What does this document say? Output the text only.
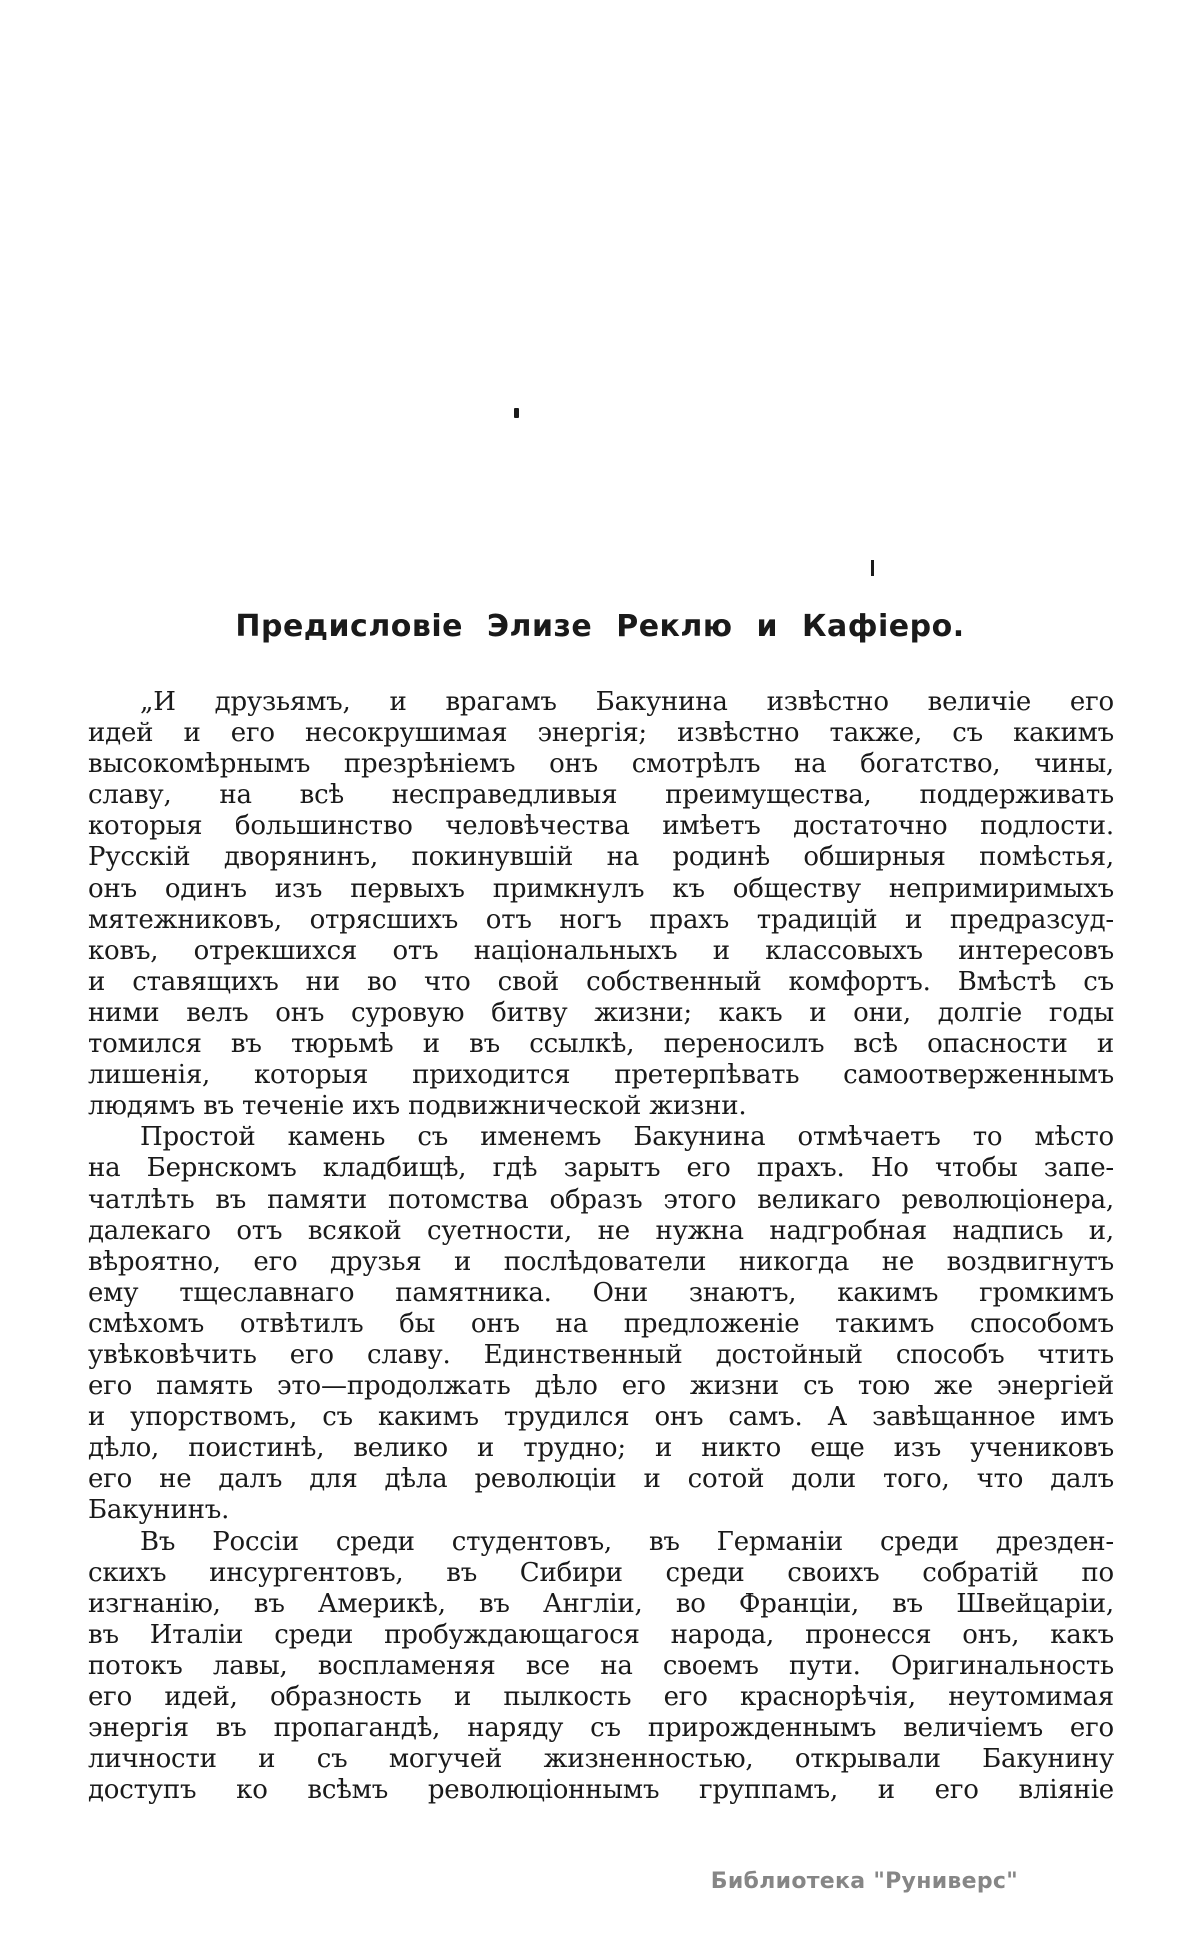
Предисловіе Элизе Реклю и Кафіеро.
„И друзьямъ, и врагамъ Бакунина извѣстно величіе его
идей и его несокрушимая энергія; извѣстно также, съ какимъ
высокомѣрнымъ презрѣніемъ онъ смотрѣлъ на богатство, чины,
славу, на всѣ несправедливыя преимущества, поддерживать
которыя большинство человѣчества имѣетъ достаточно подлости.
Русскій дворянинъ, покинувшій на родинѣ обширныя помѣстья,
онъ одинъ изъ первыхъ примкнулъ къ обществу непримиримыхъ
мятежниковъ, отрясшихъ отъ ногъ прахъ традицій и предразсуд-
ковъ, отрекшихся отъ національныхъ и классовыхъ интересовъ
и ставящихъ ни во что свой собственный комфортъ. Вмѣстѣ съ
ними велъ онъ суровую битву жизни; какъ и они, долгіе годы
томился въ тюрьмѣ и въ ссылкѣ, переносилъ всѣ опасности и
лишенія, которыя приходится претерпѣвать самоотверженнымъ
людямъ въ теченіе ихъ подвижнической жизни.
Простой камень съ именемъ Бакунина отмѣчаетъ то мѣсто
на Бернскомъ кладбищѣ, гдѣ зарытъ его прахъ. Но чтобы запе-
чатлѣть въ памяти потомства образъ этого великаго революціонера,
далекаго отъ всякой суетности, не нужна надгробная надпись и,
вѣроятно, его друзья и послѣдователи никогда не воздвигнутъ
ему тщеславнаго памятника. Они знаютъ, какимъ громкимъ
смѣхомъ отвѣтилъ бы онъ на предложеніе такимъ способомъ
увѣковѣчить его славу. Единственный достойный способъ чтить
его память это—продолжать дѣло его жизни съ тою же энергіей
и упорствомъ, съ какимъ трудился онъ самъ. А завѣщанное имъ
дѣло, поистинѣ, велико и трудно; и никто еще изъ учениковъ
его не далъ для дѣла революціи и сотой доли того, что далъ
Бакунинъ.
Въ Россіи среди студентовъ, въ Германіи среди дрезден-
скихъ инсургентовъ, въ Сибири среди своихъ собратій по
изгнанію, въ Америкѣ, въ Англіи, во Франціи, въ Швейцаріи,
въ Италіи среди пробуждающагося народа, пронесся онъ, какъ
потокъ лавы, воспламеняя все на своемъ пути. Оригинальность
его идей, образность и пылкость его краснорѣчія, неутомимая
энергія въ пропагандѣ, наряду съ прирожденнымъ величіемъ его
личности и съ могучей жизненностью, открывали Бакунину
доступъ ко всѣмъ революціоннымъ группамъ, и его вліяніе
Библиотека "Руниверс"
